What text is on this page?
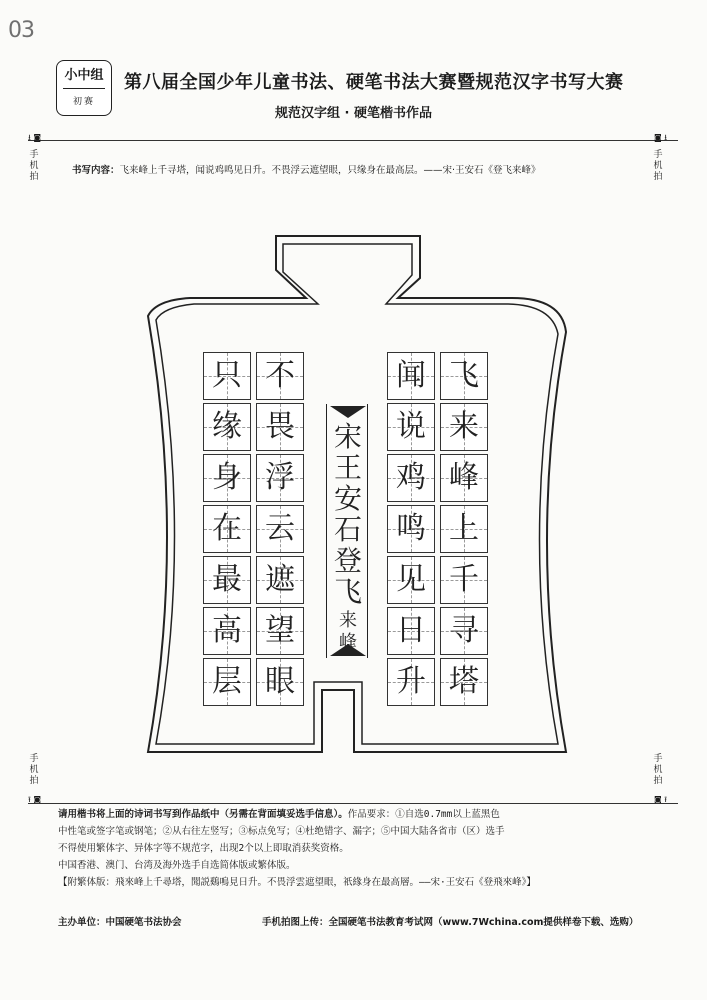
03
小中组
初赛
第八届全国少年儿童书法、硬笔书法大赛暨规范汉字书写大赛
规范汉字组 · 硬笔楷书作品
⭳ ◙	◙ ⭳
手机拍
手机拍
书写内容：飞来峰上千寻塔，闻说鸡鸣见日升。不畏浮云遮望眼，只缘身在最高层。——宋·王安石《登飞来峰》
飞
来
峰
上
千
寻
塔
闻
说
鸡
鸣
见
日
升
不
畏
浮
云
遮
望
眼
只
缘
身
在
最
高
层
宋
王
安
石
登
飞
来
峰
手机拍
手机拍
⭱ ◙	◙ ⭱

请用楷书将上面的诗词书写到作品纸中（另需在背面填妥选手信息）。作品要求：①自选0.7mm以上蓝黑色

中性笔或签字笔或钢笔；②从右往左竖写；③标点免写；④杜绝错字、漏字；⑤中国大陆各省市（区）选手

不得使用繁体字、异体字等不规范字，出现2个以上即取消获奖资格。

中国香港、澳门、台湾及海外选手自选简体版或繁体版。

【附繁体版：飛來峰上千尋塔，聞説鷄鳴見日升。不畏浮雲遮望眼，祇緣身在最高層。——宋·王安石《登飛來峰》】

主办单位：中国硬笔书法协会	手机拍图上传：全国硬笔书法教育考试网（www.7Wchina.com提供样卷下载、选购）
